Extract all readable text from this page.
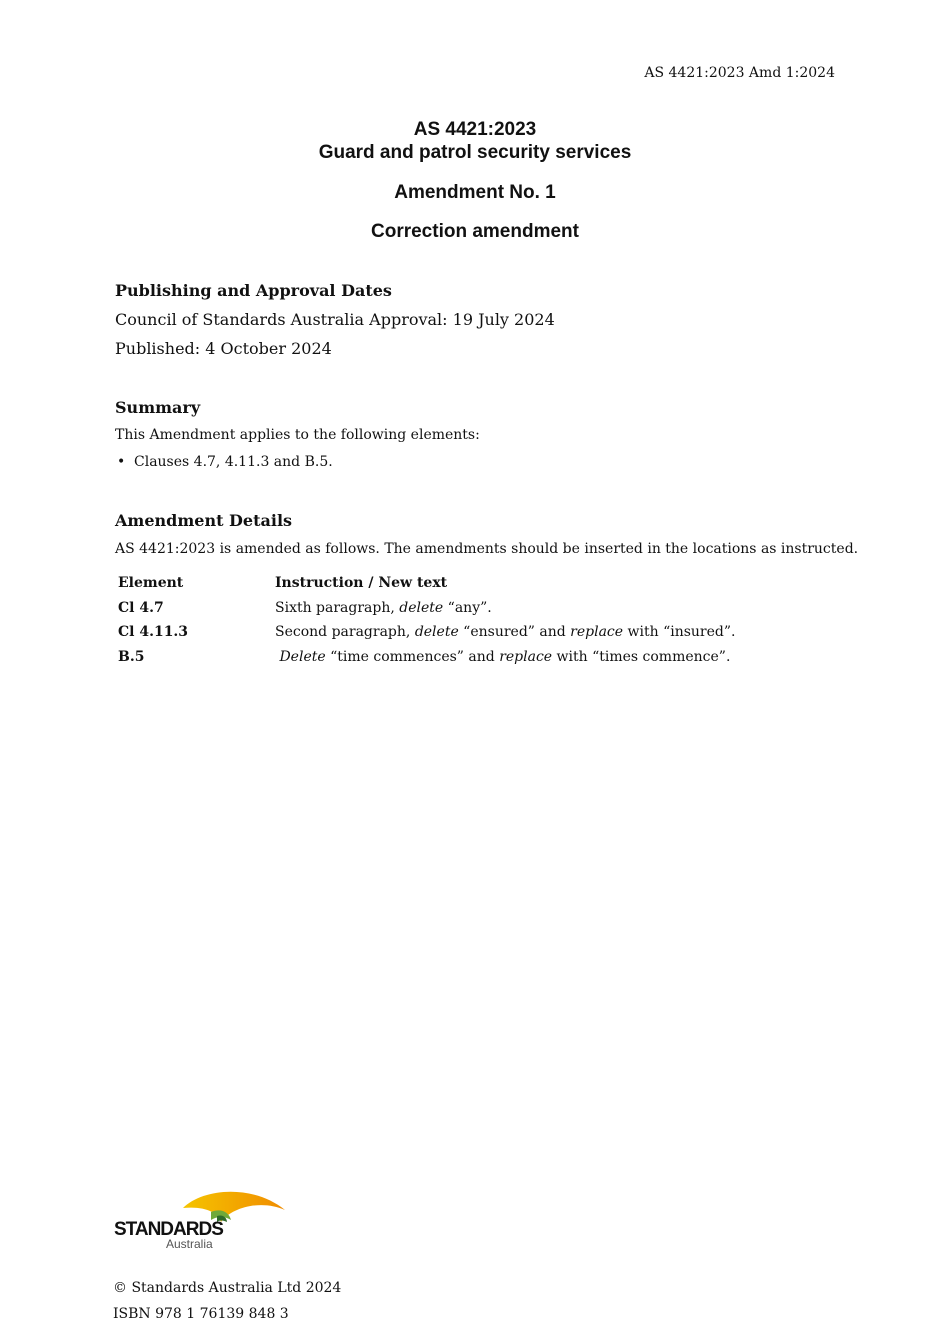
AS 4421:2023 Amd 1:2024
AS 4421:2023
Guard and patrol security services
Amendment No. 1
Correction amendment
Publishing and Approval Dates
Council of Standards Australia Approval: 19 July 2024
Published: 4 October 2024
Summary
This Amendment applies to the following elements:
• Clauses 4.7, 4.11.3 and B.5.
Amendment Details
AS 4421:2023 is amended as follows. The amendments should be inserted in the locations as instructed.
Element	Instruction / New text
Cl 4.7	Sixth paragraph, delete “any”.
Cl 4.11.3	Second paragraph, delete “ensured” and replace with “insured”.
B.5	Delete “time commences” and replace with “times commence”.
STANDARDS
Australia
© Standards Australia Ltd 2024
ISBN 978 1 76139 848 3
